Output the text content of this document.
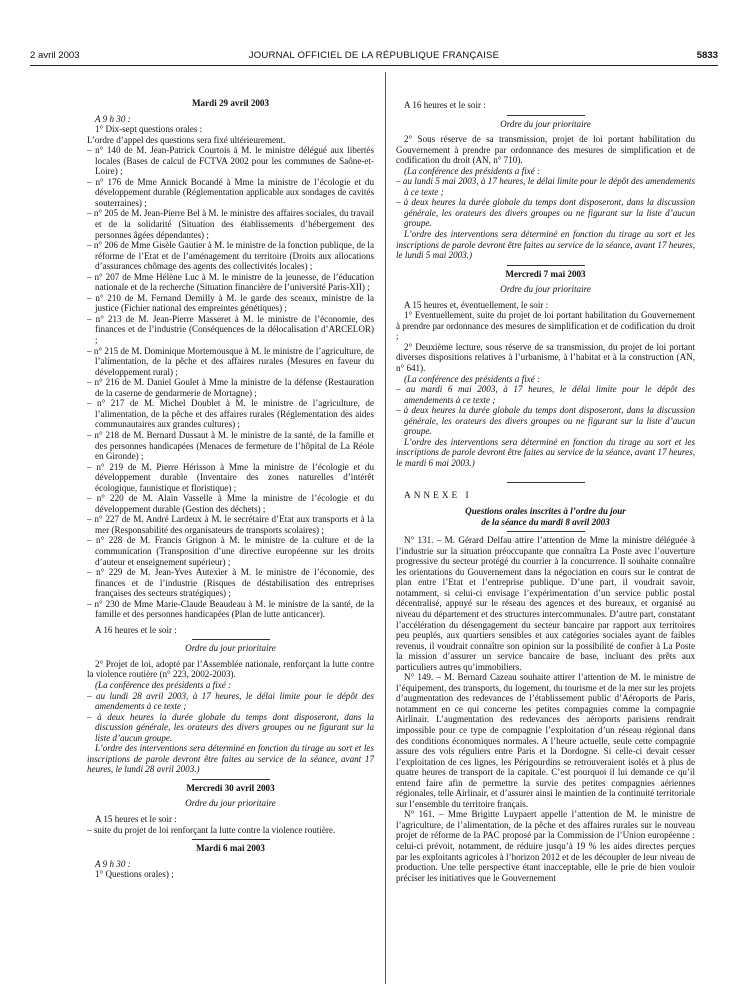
2 avril 2003	JOURNAL OFFICIEL DE LA RÉPUBLIQUE FRANÇAISE	5833

Mardi 29 avril 2003

A 9 h 30 :

1° Dix-sept questions orales :

L’ordre d’appel des questions sera fixé ultérieurement.

– n° 140 de M. Jean-Patrick Courtois à M. le ministre délégué aux libertés locales (Bases de calcul de FCTVA 2002 pour les communes de Saône-et-Loire) ;

– n° 176 de Mme Annick Bocandé à Mme la ministre de l’écologie et du développement durable (Réglementation applicable aux sondages de cavités souterraines) ;

– n° 205 de M. Jean-Pierre Bel à M. le ministre des affaires sociales, du travail et de la solidarité (Situation des établissements d’hébergement des personnes âgées dépendantes) ;

– n° 206 de Mme Gisèle Gautier à M. le ministre de la fonction publique, de la réforme de l’Etat et de l’aménagement du territoire (Droits aux allocations d’assurances chômage des agents des collectivités locales) ;

– n° 207 de Mme Hélène Luc à M. le ministre de la jeunesse, de l’éducation nationale et de la recherche (Situation financière de l’université Paris-XII) ;

– n° 210 de M. Fernand Demilly à M. le garde des sceaux, ministre de la justice (Fichier national des empreintes génétiques) ;

– n° 213 de M. Jean-Pierre Masseret à M. le ministre de l’économie, des finances et de l’industrie (Conséquences de la délocalisation d’ARCELOR) ;

– n° 215 de M. Dominique Mortemousque à M. le ministre de l’agriculture, de l’alimentation, de la pêche et des affaires rurales (Mesures en faveur du développement rural) ;

– n° 216 de M. Daniel Goulet à Mme la ministre de la défense (Restauration de la caserne de gendarmerie de Mortagne) ;

– n° 217 de M. Michel Doublet à M. le ministre de l’agriculture, de l’alimentation, de la pêche et des affaires rurales (Réglementation des aides communautaires aux grandes cultures) ;

– n° 218 de M. Bernard Dussaut à M. le ministre de la santé, de la famille et des personnes handicapées (Menaces de fermeture de l’hôpital de La Réole en Gironde) ;

– n° 219 de M. Pierre Hérisson à Mme la ministre de l’écologie et du développement durable (Inventaire des zones naturelles d’intérêt écologique, faunistique et floristique) ;

– n° 220 de M. Alain Vasselle à Mme la ministre de l’écologie et du développement durable (Gestion des déchets) ;

– n° 227 de M. André Lardeux à M. le secrétaire d’Etat aux transports et à la mer (Responsabilité des organisateurs de transports scolaires) ;

– n° 228 de M. Francis Grignon à M. le ministre de la culture et de la communication (Transposition d’une directive européenne sur les droits d’auteur et enseignement supérieur) ;

– n° 229 de M. Jean-Yves Autexier à M. le ministre de l’économie, des finances et de l’industrie (Risques de déstabilisation des entreprises françaises des secteurs stratégiques) ;

– n° 230 de Mme Marie-Claude Beaudeau à M. le ministre de la santé, de la famille et des personnes handicapées (Plan de lutte anticancer).

A 16 heures et le soir :

Ordre du jour prioritaire

2° Projet de loi, adopté par l’Assemblée nationale, renforçant la lutte contre la violence routière (n° 223, 2002-2003).

(La conférence des présidents a fixé :

– au lundi 28 avril 2003, à 17 heures, le délai limite pour le dépôt des amendements à ce texte ;

– à deux heures la durée globale du temps dont disposeront, dans la discussion générale, les orateurs des divers groupes ou ne figurant sur la liste d’aucun groupe.

L’ordre des interventions sera déterminé en fonction du tirage au sort et les inscriptions de parole devront être faites au service de la séance, avant 17 heures, le lundi 28 avril 2003.)

Mercredi 30 avril 2003

Ordre du jour prioritaire

A 15 heures et le soir :

– suite du projet de loi renforçant la lutte contre la violence routière.

Mardi 6 mai 2003

A 9 h 30 :

1° Questions orales) ;

A 16 heures et le soir :

Ordre du jour prioritaire

2° Sous réserve de sa transmission, projet de loi portant habilitation du Gouvernement à prendre par ordonnance des mesures de simplification et de codification du droit (AN, n° 710).

(La conférence des présidents a fixé :

– au lundi 5 mai 2003, à 17 heures, le délai limite pour le dépôt des amendements à ce texte ;

– à deux heures la durée globale du temps dont disposeront, dans la discussion générale, les orateurs des divers groupes ou ne figurant sur la liste d’aucun groupe.

L’ordre des interventions sera déterminé en fonction du tirage au sort et les inscriptions de parole devront être faites au service de la séance, avant 17 heures, le lundi 5 mai 2003.)

Mercredi 7 mai 2003

Ordre du jour prioritaire

A 15 heures et, éventuellement, le soir :

1° Eventuellement, suite du projet de loi portant habilitation du Gouvernement à prendre par ordonnance des mesures de simplification et de codification du droit ;

2° Deuxième lecture, sous réserve de sa transmission, du projet de loi portant diverses dispositions relatives à l’urbanisme, à l’habitat et à la construction (AN, n° 641).

(La conférence des présidents a fixé :

– au mardi 6 mai 2003, à 17 heures, le délai limite pour le dépôt des amendements à ce texte ;

– à deux heures la durée globale du temps dont disposeront, dans la discussion générale, les orateurs des divers groupes ou ne figurant sur la liste d’aucun groupe.

L’ordre des interventions sera déterminé en fonction du tirage au sort et les inscriptions de parole devront être faites au service de la séance, avant 17 heures, le mardi 6 mai 2003.)

ANNEXE I

Questions orales inscrites à l’ordre du jour

de la séance du mardi 8 avril 2003

N° 131. – M. Gérard Delfau attire l’attention de Mme la ministre déléguée à l’industrie sur la situation préoccupante que connaîtra La Poste avec l’ouverture progressive du secteur protégé du courrier à la concurrence. Il souhaite connaître les orientations du Gouvernement dans la négociation en cours sur le contrat de plan entre l’Etat et l’entreprise publique. D’une part, il voudrait savoir, notamment, si celui-ci envisage l’expérimentation d’un service public postal décentralisé, appuyé sur le réseau des agences et des bureaux, et organisé au niveau du département et des structures intercommunales. D’autre part, constatant l’accélération du désengagement du secteur bancaire par rapport aux territoires peu peuplés, aux quartiers sensibles et aux catégories sociales ayant de faibles revenus, il voudrait connaître son opinion sur la possibilité de confier à La Poste la mission d’assurer un service bancaire de base, incluant des prêts aux particuliers autres qu’immobiliers.

N° 149. – M. Bernard Cazeau souhaite attirer l’attention de M. le ministre de l’équipement, des transports, du logement, du tourisme et de la mer sur les projets d’augmentation des redevances de l’établissement public d’Aéroports de Paris, notamment en ce qui concerne les petites compagnies comme la compagnie Airlinair. L’augmentation des redevances des aéroports parisiens rendrait impossible pour ce type de compagnie l’exploitation d’un réseau régional dans des conditions économiques normales. A l’heure actuelle, seule cette compagnie assure des vols réguliers entre Paris et la Dordogne. Si celle-ci devait cesser l’exploitation de ces lignes, les Périgourdins se retrouveraient isolés et à plus de quatre heures de transport de la capitale. C’est pourquoi il lui demande ce qu’il entend faire afin de permettre la survie des petites compagnies aériennes régionales, telle Airlinair, et d’assurer ainsi le maintien de la continuité territoriale sur l’ensemble du territoire français.

N° 161. – Mme Brigitte Luypaert appelle l’attention de M. le ministre de l’agriculture, de l’alimentation, de la pêche et des affaires rurales sur le nouveau projet de réforme de la PAC proposé par la Commission de l’Union européenne : celui-ci prévoit, notamment, de réduire jusqu’à 19 % les aides directes perçues par les exploitants agricoles à l’horizon 2012 et de les découpler de leur niveau de production. Une telle perspective étant inacceptable, elle le prie de bien vouloir préciser les initiatives que le Gouvernement
